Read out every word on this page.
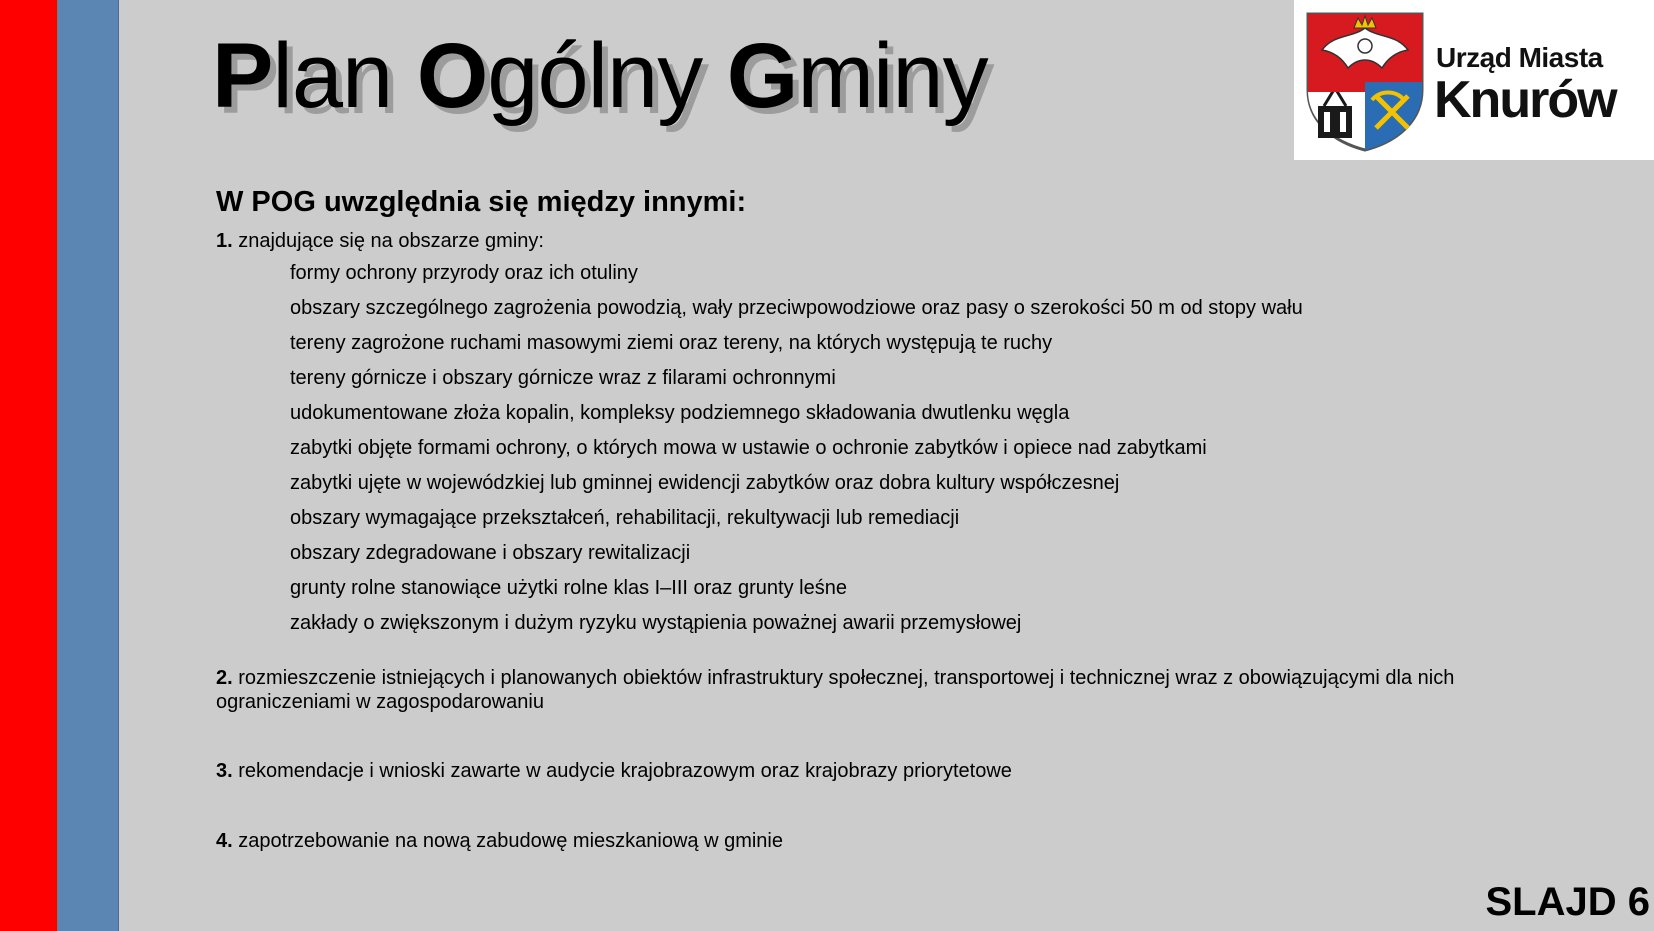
Plan Ogólny Gminy	Urząd Miasta
Knurów
W POG uwzględnia się między innymi:

1. znajdujące się na obszarze gminy:

formy ochrony przyrody oraz ich otuliny
obszary szczególnego zagrożenia powodzią, wały przeciwpowodziowe oraz pasy o szerokości 50 m od stopy wału
tereny zagrożone ruchami masowymi ziemi oraz tereny, na których występują te ruchy
tereny górnicze i obszary górnicze wraz z filarami ochronnymi
udokumentowane złoża kopalin, kompleksy podziemnego składowania dwutlenku węgla
zabytki objęte formami ochrony, o których mowa w ustawie o ochronie zabytków i opiece nad zabytkami
zabytki ujęte w wojewódzkiej lub gminnej ewidencji zabytków oraz dobra kultury współczesnej
obszary wymagające przekształceń, rehabilitacji, rekultywacji lub remediacji
obszary zdegradowane i obszary rewitalizacji
grunty rolne stanowiące użytki rolne klas I–III oraz grunty leśne
zakłady o zwiększonym i dużym ryzyku wystąpienia poważnej awarii przemysłowej

2. rozmieszczenie istniejących i planowanych obiektów infrastruktury społecznej, transportowej i technicznej wraz z obowiązującymi dla nich ograniczeniami w zagospodarowaniu

3. rekomendacje i wnioski zawarte w audycie krajobrazowym oraz krajobrazy priorytetowe

4. zapotrzebowanie na nową zabudowę mieszkaniową w gminie

SLAJD 6
